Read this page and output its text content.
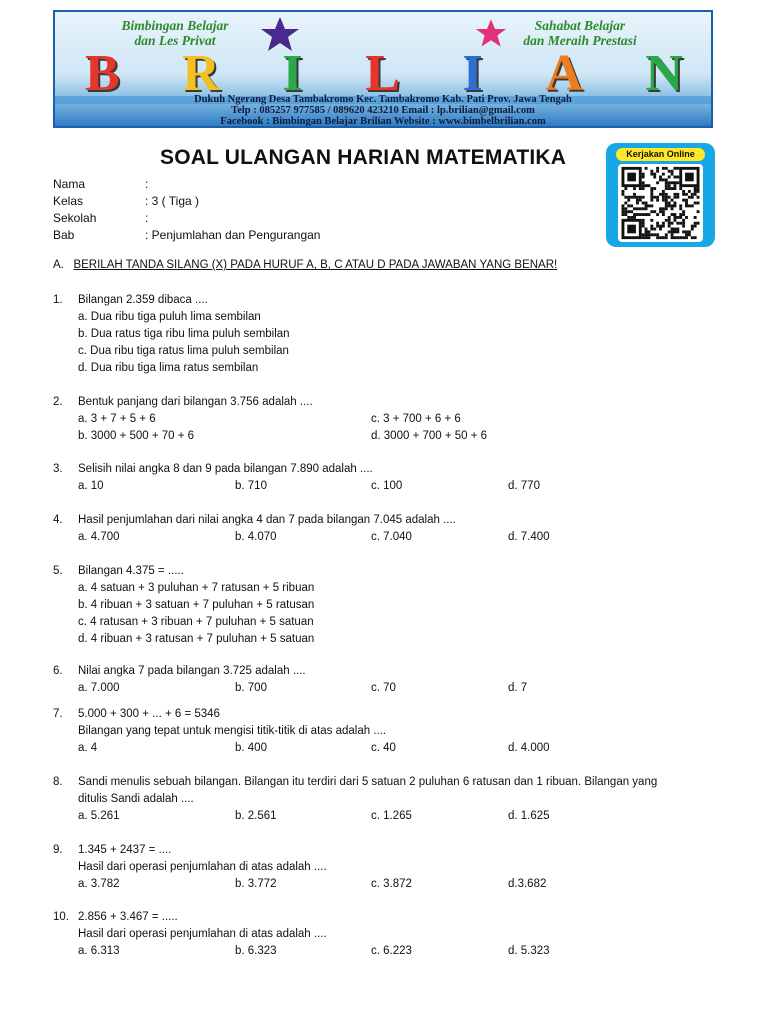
Bimbingan Belajar
dan Les Privat
Sahabat Belajar
dan Meraih Prestasi
B R I L I A N
Dukuh Ngerang Desa Tambakromo Kec. Tambakromo Kab. Pati Prov. Jawa Tengah
Telp : 085257 977585 / 089620 423210 Email : lp.brilian@gmail.com
Facebook : Bimbingan Belajar Brilian Website : www.bimbelbrilian.com
SOAL ULANGAN HARIAN MATEMATIKA	Kerjakan Online
Nama	:
Kelas	: 3 ( Tiga )
Sekolah	:
Bab	: Penjumlahan dan Pengurangan
A. BERILAH TANDA SILANG (X) PADA HURUF A, B, C ATAU D PADA JAWABAN YANG BENAR!
1. Bilangan 2.359 dibaca ....
a. Dua ribu tiga puluh lima sembilan
b. Dua ratus tiga ribu lima puluh sembilan
c. Dua ribu tiga ratus lima puluh sembilan
d. Dua ribu tiga lima ratus sembilan
2. Bentuk panjang dari bilangan 3.756 adalah ....
a. 3 + 7 + 5 + 6	c. 3 + 700 + 6 + 6
b. 3000 + 500 + 70 + 6	d. 3000 + 700 + 50 + 6
3. Selisih nilai angka 8 dan 9 pada bilangan 7.890 adalah ....
a. 10	b. 710	c. 100	d. 770
4. Hasil penjumlahan dari nilai angka 4 dan 7 pada bilangan 7.045 adalah ....
a. 4.700	b. 4.070	c. 7.040	d. 7.400
5. Bilangan 4.375 = .....
a. 4 satuan + 3 puluhan + 7 ratusan + 5 ribuan
b. 4 ribuan + 3 satuan + 7 puluhan + 5 ratusan
c. 4 ratusan + 3 ribuan + 7 puluhan + 5 satuan
d. 4 ribuan + 3 ratusan + 7 puluhan + 5 satuan
6. Nilai angka 7 pada bilangan 3.725 adalah ....
a. 7.000	b. 700	c. 70	d. 7
7. 5.000 + 300 + ... + 6 = 5346
Bilangan yang tepat untuk mengisi titik-titik di atas adalah ....
a. 4	b. 400	c. 40	d. 4.000
8. Sandi menulis sebuah bilangan. Bilangan itu terdiri dari 5 satuan 2 puluhan 6 ratusan dan 1 ribuan. Bilangan yang
ditulis Sandi adalah ....
a. 5.261	b. 2.561	c. 1.265	d. 1.625
9. 1.345 + 2437 = ....
Hasil dari operasi penjumlahan di atas adalah ....
a. 3.782	b. 3.772	c. 3.872	d.3.682
10. 2.856 + 3.467 = .....
Hasil dari operasi penjumlahan di atas adalah ....
a. 6.313	b. 6.323	c. 6.223	d. 5.323
